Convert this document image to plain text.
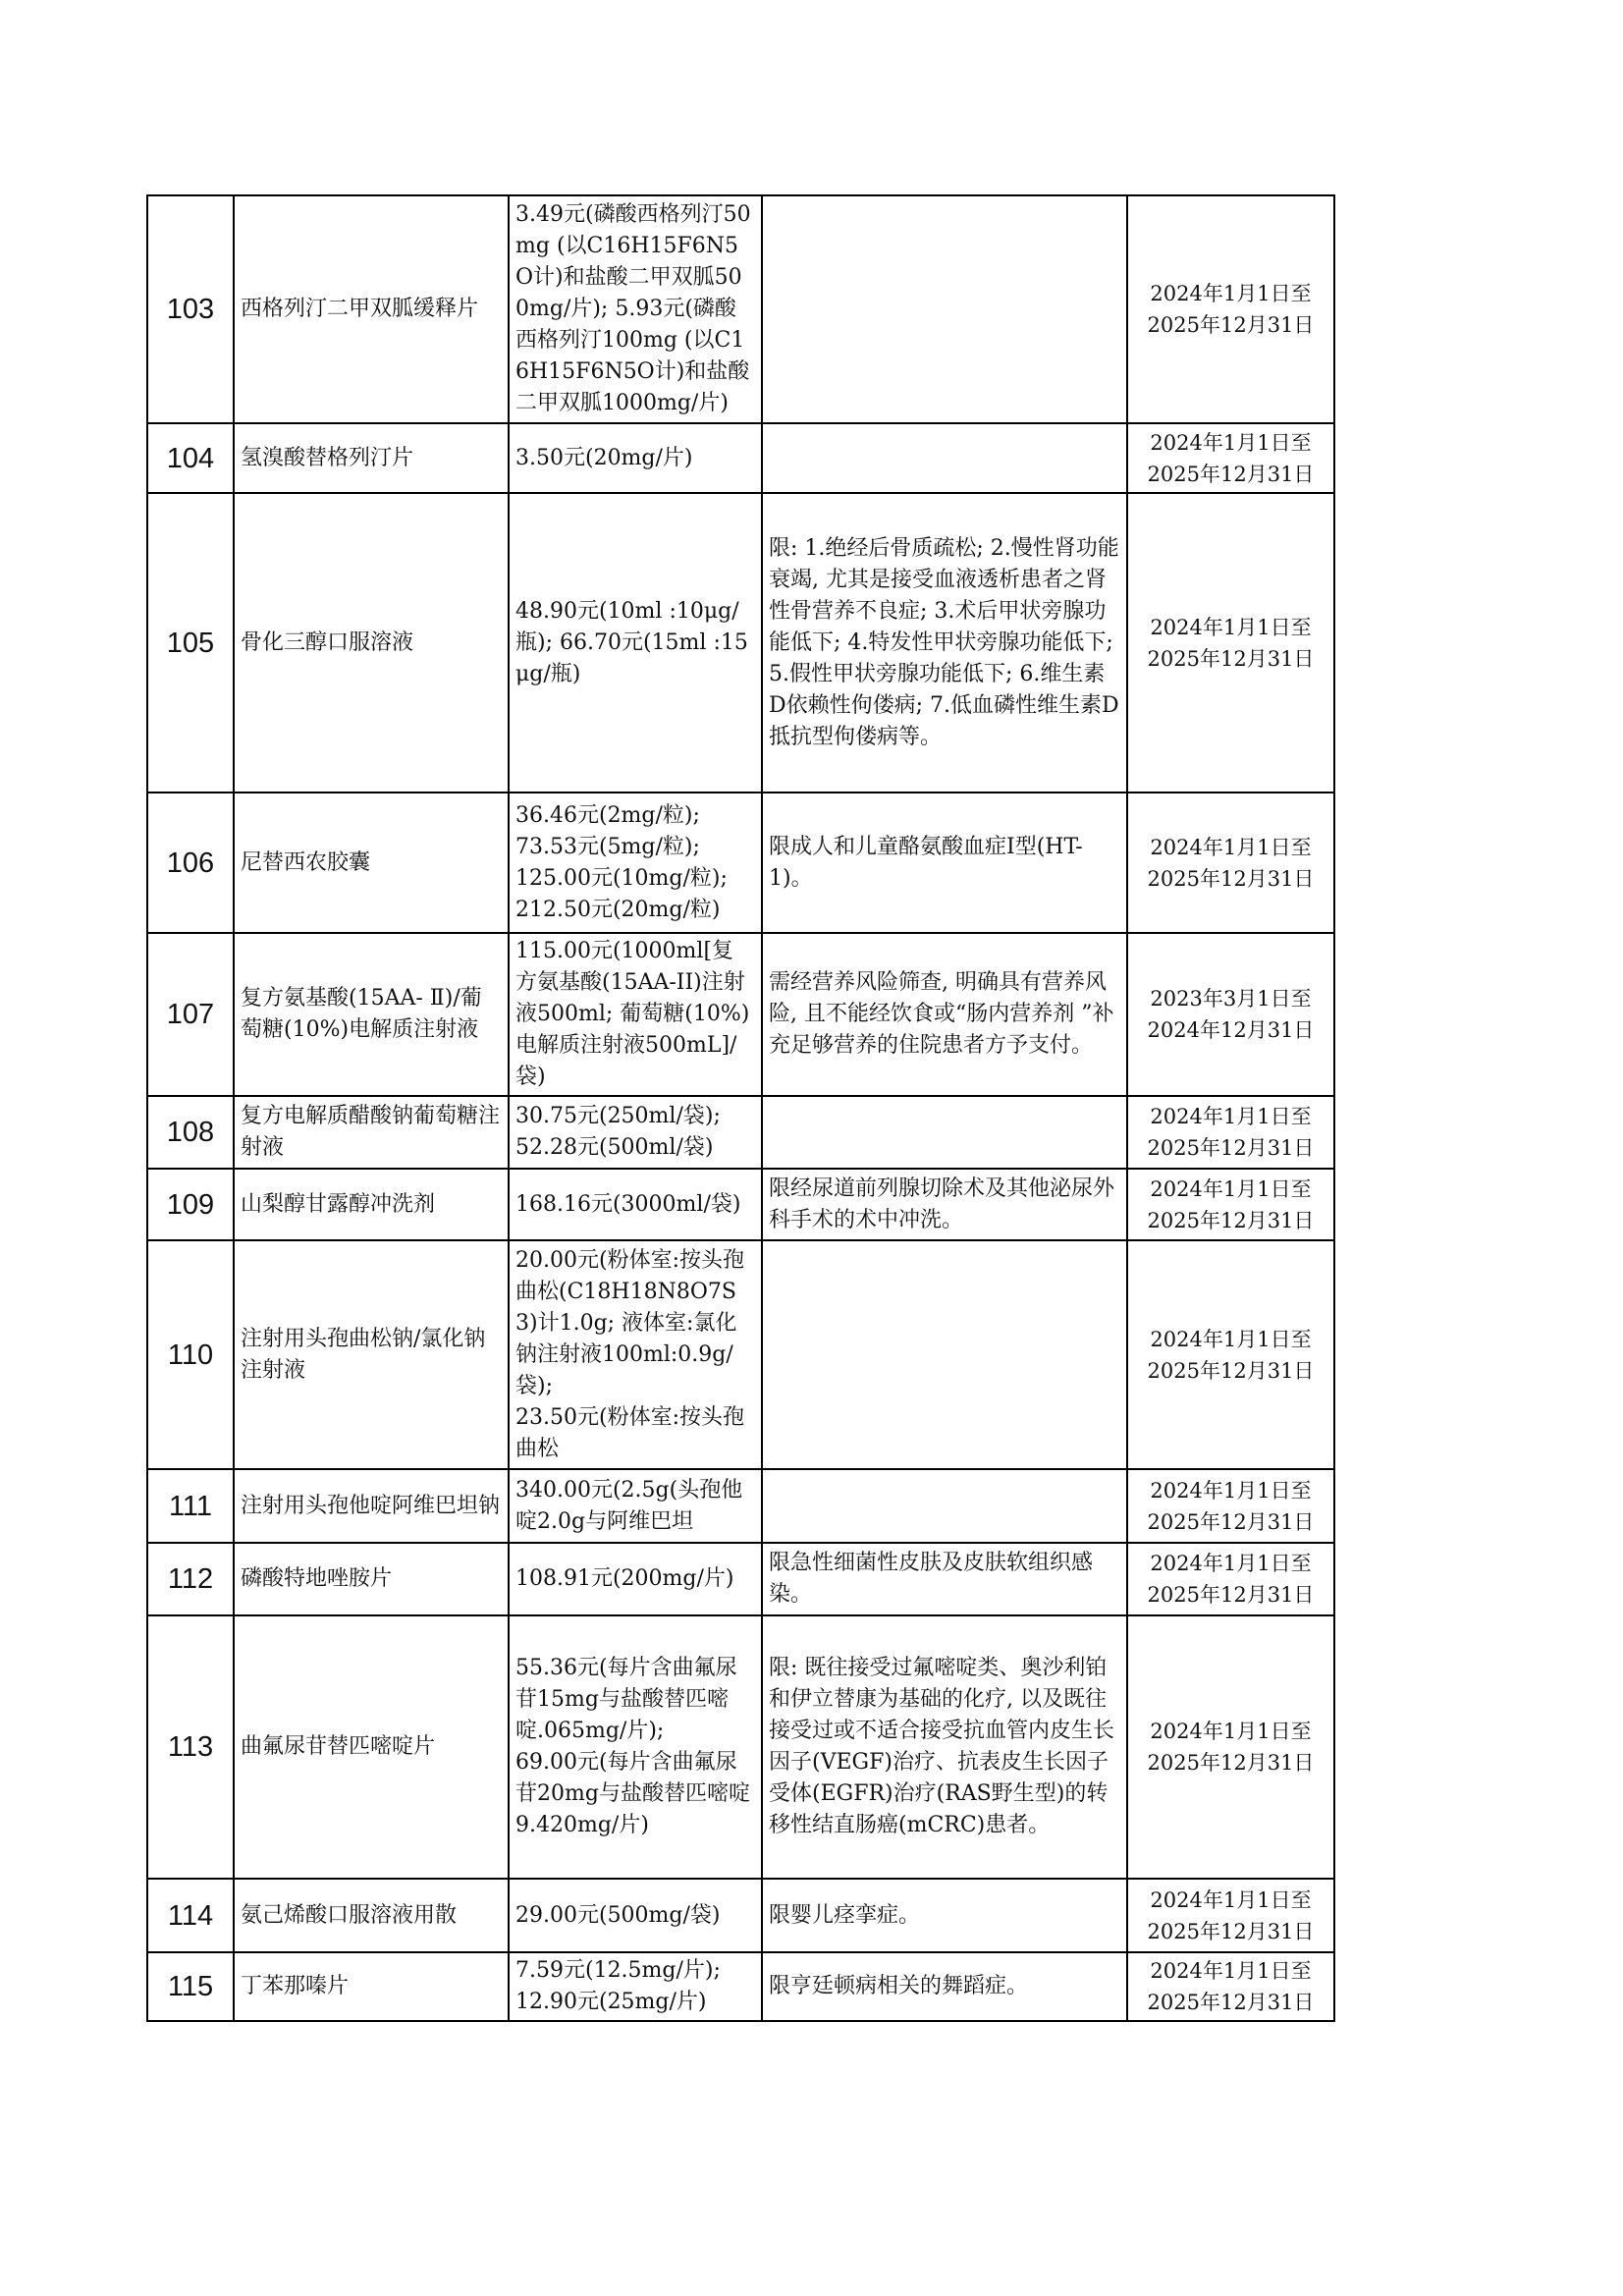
103	西格列汀二甲双胍缓释片	3.49元(磷酸西格列汀50mg (以C16H15F6N5O计)和盐酸二甲双胍500mg/片); 5.93元(磷酸西格列汀100mg (以C16H15F6N5O计)和盐酸二甲双胍1000mg/片)		2024年1月1日至
2025年12月31日

104	氢溴酸替格列汀片	3.50元(20mg/片)		2024年1月1日至
2025年12月31日

105	骨化三醇口服溶液	48.90元(10ml :10μg/瓶); 66.70元(15ml :15μg/瓶)	限: 1.绝经后骨质疏松; 2.慢性肾功能衰竭, 尤其是接受血液透析患者之肾性骨营养不良症; 3.术后甲状旁腺功能低下; 4.特发性甲状旁腺功能低下; 5.假性甲状旁腺功能低下; 6.维生素D依赖性佝偻病; 7.低血磷性维生素D抵抗型佝偻病等。	2024年1月1日至
2025年12月31日

106	尼替西农胶囊	36.46元(2mg/粒);
73.53元(5mg/粒);
125.00元(10mg/粒);
212.50元(20mg/粒)	限成人和儿童酪氨酸血症Ⅰ型(HT-1)。	2024年1月1日至
2025年12月31日

107	复方氨基酸(15AA- Ⅱ)/葡萄糖(10%)电解质注射液	115.00元(1000ml[复方氨基酸(15AA-II)注射液500ml; 葡萄糖(10%)电解质注射液500mL]/袋)	需经营养风险筛查, 明确具有营养风险, 且不能经饮食或“肠内营养剂 ”补充足够营养的住院患者方予支付。	2023年3月1日至
2024年12月31日

108	复方电解质醋酸钠葡萄糖注射液	30.75元(250ml/袋);
52.28元(500ml/袋)		2024年1月1日至
2025年12月31日

109	山梨醇甘露醇冲洗剂	168.16元(3000ml/袋)	限经尿道前列腺切除术及其他泌尿外科手术的术中冲洗。	2024年1月1日至
2025年12月31日

110	注射用头孢曲松钠/氯化钠注射液	20.00元(粉体室:按头孢曲松(C18H18N8O7S3)计1.0g; 液体室:氯化钠注射液100ml:0.9g/袋);
23.50元(粉体室:按头孢曲松		2024年1月1日至
2025年12月31日

111	注射用头孢他啶阿维巴坦钠	340.00元(2.5g(头孢他啶2.0g与阿维巴坦		2024年1月1日至
2025年12月31日

112	磷酸特地唑胺片	108.91元(200mg/片)	限急性细菌性皮肤及皮肤软组织感染。	2024年1月1日至
2025年12月31日

113	曲氟尿苷替匹嘧啶片	55.36元(每片含曲氟尿苷15mg与盐酸替匹嘧啶.065mg/片);
69.00元(每片含曲氟尿苷20mg与盐酸替匹嘧啶9.420mg/片)	限: 既往接受过氟嘧啶类、奥沙利铂和伊立替康为基础的化疗, 以及既往接受过或不适合接受抗血管内皮生长因子(VEGF)治疗、抗表皮生长因子受体(EGFR)治疗(RAS野生型)的转移性结直肠癌(mCRC)患者。	2024年1月1日至
2025年12月31日

114	氨己烯酸口服溶液用散	29.00元(500mg/袋)	限婴儿痉挛症。	2024年1月1日至
2025年12月31日

115	丁苯那嗪片	7.59元(12.5mg/片);
12.90元(25mg/片)	限亨廷顿病相关的舞蹈症。	2024年1月1日至
2025年12月31日
